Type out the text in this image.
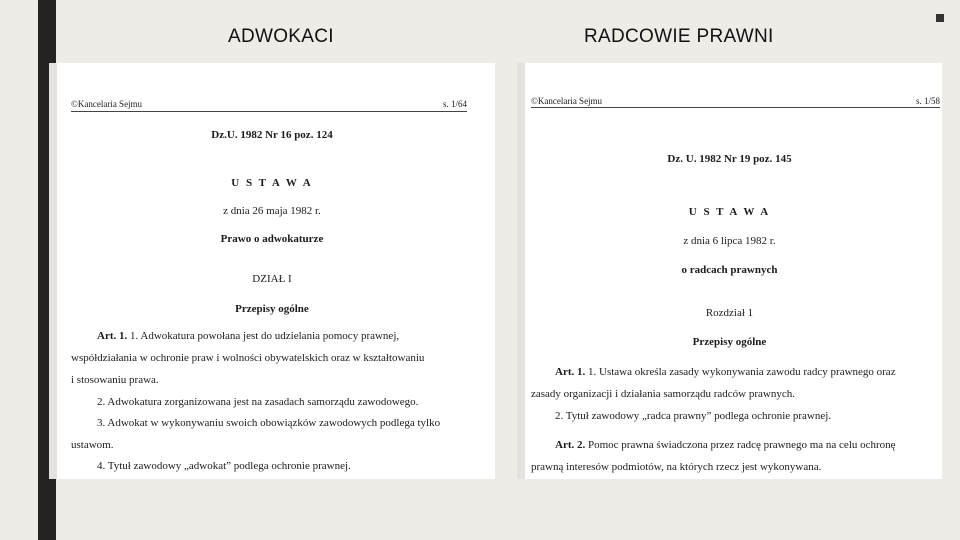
ADWOKACI	RADCOWIE PRAWNI
©Kancelaria Sejmu	s. 1/64
Dz.U. 1982 Nr 16 poz. 124
U S T A W A
z dnia 26 maja 1982 r.
Prawo o adwokaturze
DZIAŁ I
Przepisy ogólne
Art. 1. 1. Adwokatura powołana jest do udzielania pomocy prawnej,
współdziałania w ochronie praw i wolności obywatelskich oraz w kształtowaniu
i stosowaniu prawa.
2. Adwokatura zorganizowana jest na zasadach samorządu zawodowego.
3. Adwokat w wykonywaniu swoich obowiązków zawodowych podlega tylko
ustawom.
4. Tytuł zawodowy „adwokat” podlega ochronie prawnej.
©Kancelaria Sejmu	s. 1/58
Dz. U. 1982 Nr 19 poz. 145
U S T A W A
z dnia 6 lipca 1982 r.
o radcach prawnych
Rozdział 1
Przepisy ogólne
Art. 1. 1. Ustawa określa zasady wykonywania zawodu radcy prawnego oraz
zasady organizacji i działania samorządu radców prawnych.
2. Tytuł zawodowy „radca prawny” podlega ochronie prawnej.
Art. 2. Pomoc prawna świadczona przez radcę prawnego ma na celu ochronę
prawną interesów podmiotów, na których rzecz jest wykonywana.
